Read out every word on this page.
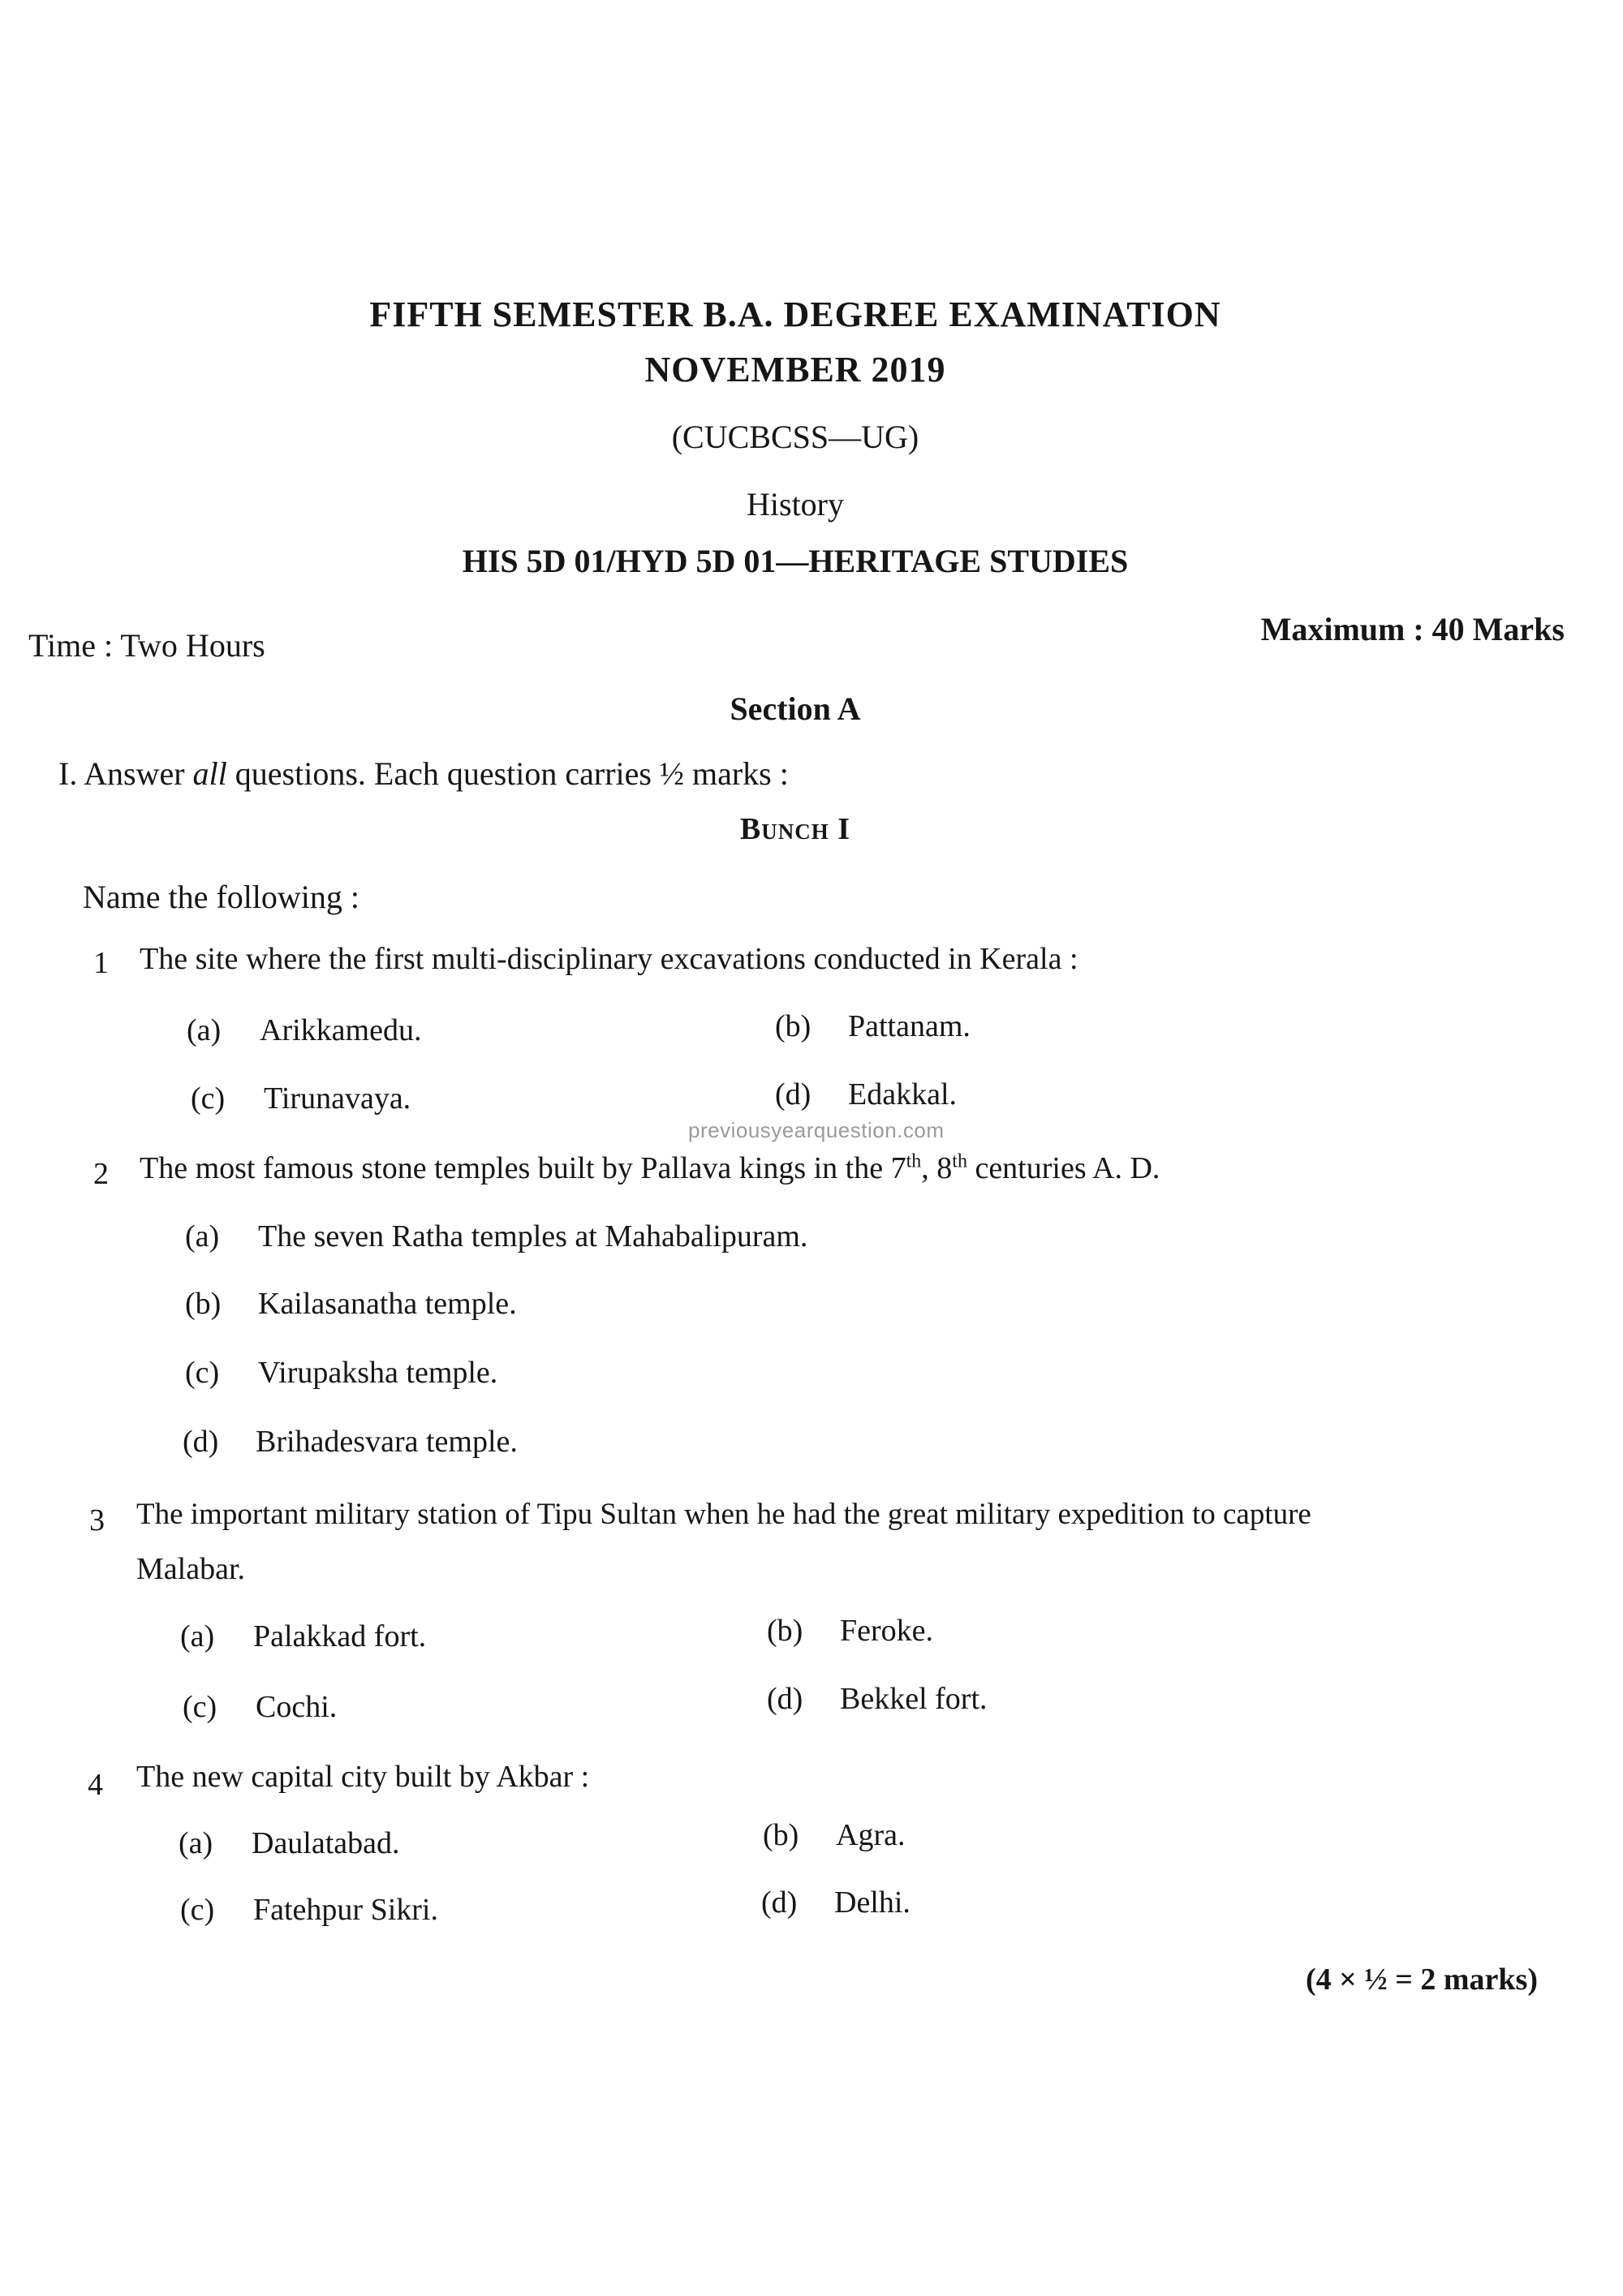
FIFTH SEMESTER B.A. DEGREE EXAMINATION
NOVEMBER 2019
(CUCBCSS—UG)
History
HIS 5D 01/HYD 5D 01—HERITAGE STUDIES
Time : Two Hours	Maximum : 40 Marks
Section A
I. Answer all questions. Each question carries ½ marks :
Bunch I
Name the following :
1 The site where the first multi-disciplinary excavations conducted in Kerala :
(a) Arikkamedu.	(b) Pattanam.
(c) Tirunavaya.	(d) Edakkal.
previousyearquestion.com
2 The most famous stone temples built by Pallava kings in the 7th, 8th centuries A. D.
(a) The seven Ratha temples at Mahabalipuram.
(b) Kailasanatha temple.
(c) Virupaksha temple.
(d) Brihadesvara temple.
3 The important military station of Tipu Sultan when he had the great military expedition to capture
Malabar.
(a) Palakkad fort.	(b) Feroke.
(c) Cochi.	(d) Bekkel fort.
4 The new capital city built by Akbar :
(a) Daulatabad.	(b) Agra.
(c) Fatehpur Sikri.	(d) Delhi.
(4 × ½ = 2 marks)
